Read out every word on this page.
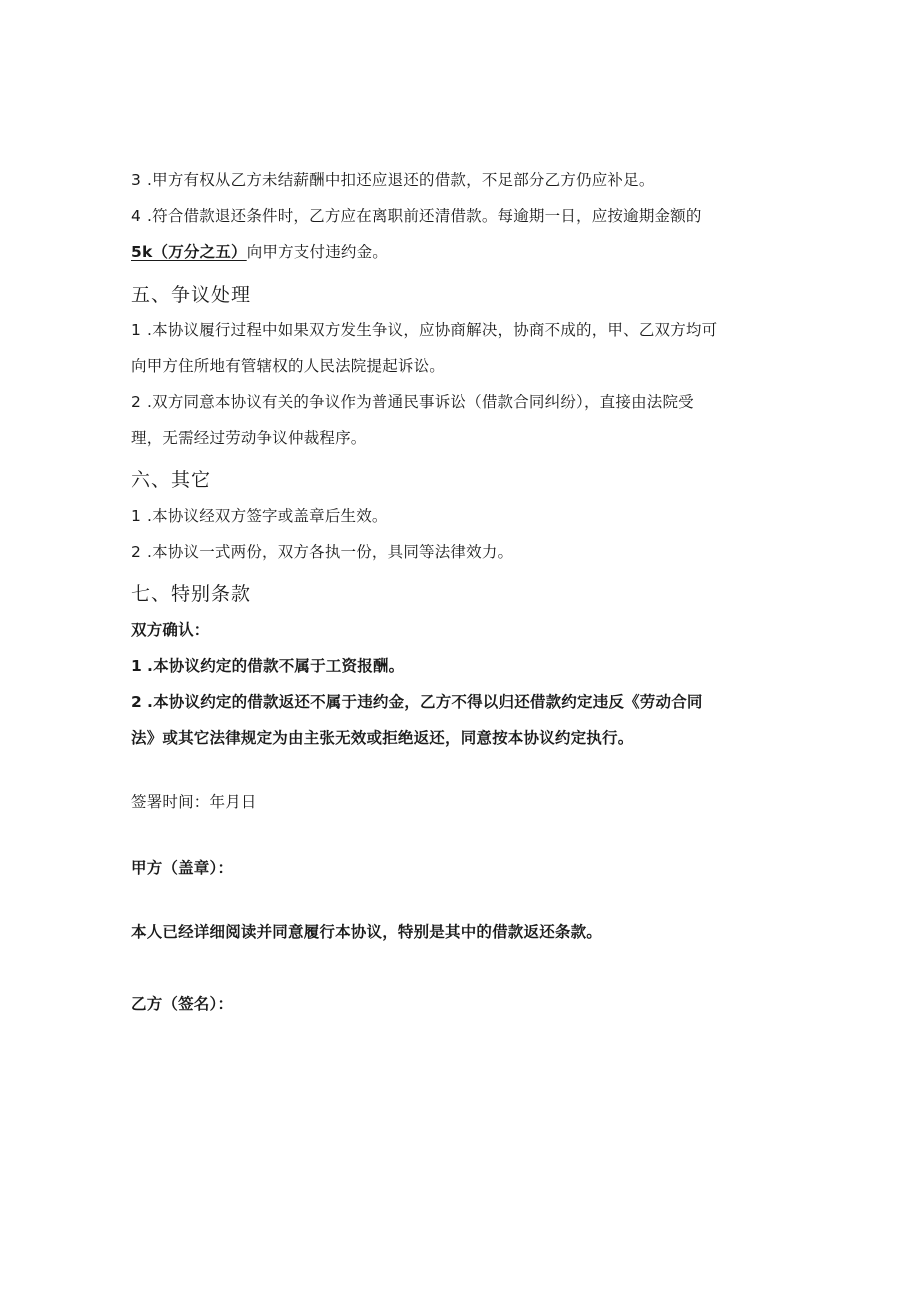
3 .甲方有权从乙方未结薪酬中扣还应退还的借款，不足部分乙方仍应补足。
4 .符合借款退还条件时，乙方应在离职前还清借款。每逾期一日，应按逾期金额的
5k（万分之五）向甲方支付违约金。
五、争议处理
1 .本协议履行过程中如果双方发生争议，应协商解决，协商不成的，甲、乙双方均可
向甲方住所地有管辖权的人民法院提起诉讼。
2 .双方同意本协议有关的争议作为普通民事诉讼（借款合同纠纷），直接由法院受
理，无需经过劳动争议仲裁程序。
六、其它
1 .本协议经双方签字或盖章后生效。
2 .本协议一式两份，双方各执一份，具同等法律效力。
七、特别条款
双方确认：
1 .本协议约定的借款不属于工资报酬。
2 .本协议约定的借款返还不属于违约金，乙方不得以归还借款约定违反《劳动合同
法》或其它法律规定为由主张无效或拒绝返还，同意按本协议约定执行。
签署时间：年月日
甲方（盖章）：
本人已经详细阅读并同意履行本协议，特别是其中的借款返还条款。
乙方（签名）：
